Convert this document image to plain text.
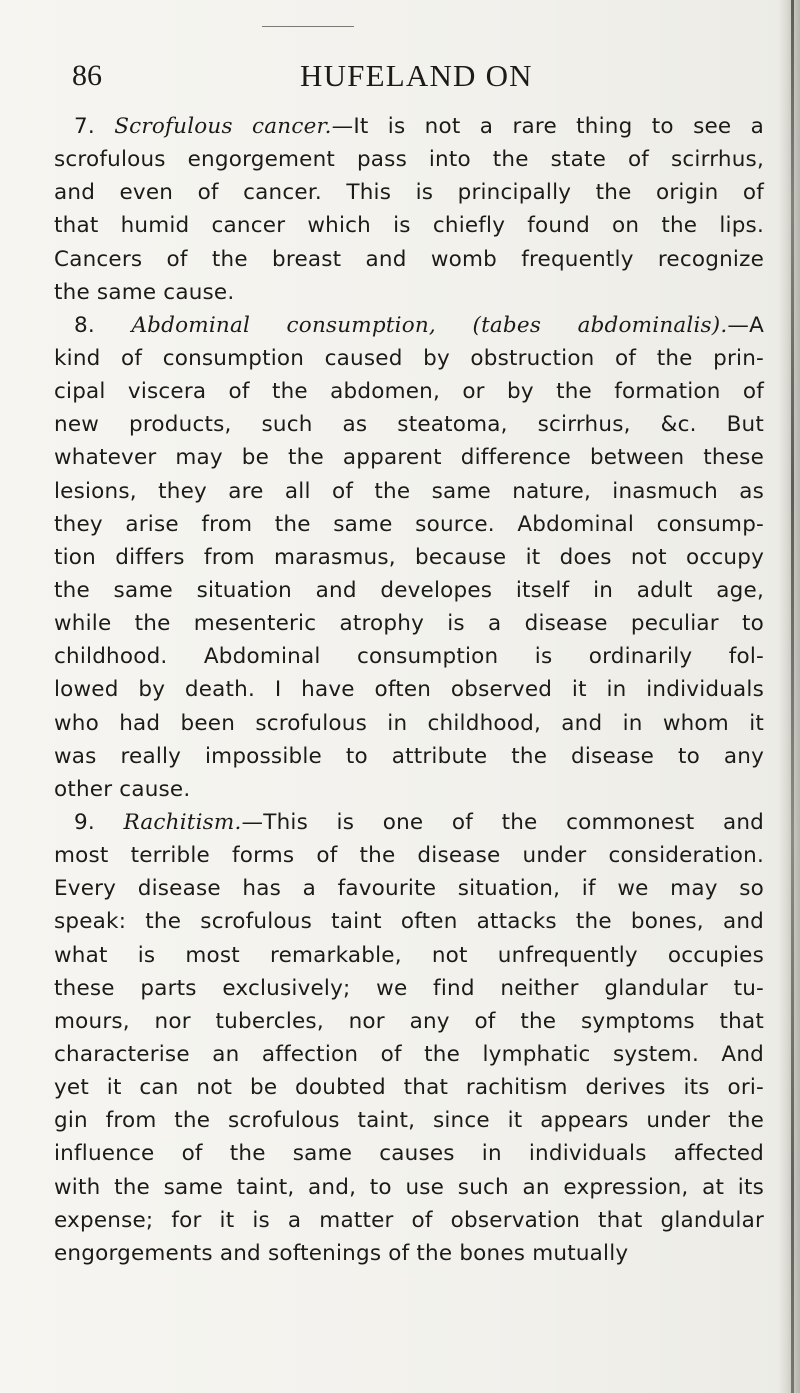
86	HUFELAND ON
7. Scrofulous cancer.—It is not a rare thing to see a
scrofulous engorgement pass into the state of scirrhus,
and even of cancer. This is principally the origin of
that humid cancer which is chiefly found on the lips.
Cancers of the breast and womb frequently recognize
the same cause.
8. Abdominal consumption, (tabes abdominalis).—A
kind of consumption caused by obstruction of the prin-
cipal viscera of the abdomen, or by the formation of
new products, such as steatoma, scirrhus, &c. But
whatever may be the apparent difference between these
lesions, they are all of the same nature, inasmuch as
they arise from the same source. Abdominal consump-
tion differs from marasmus, because it does not occupy
the same situation and developes itself in adult age,
while the mesenteric atrophy is a disease peculiar to
childhood. Abdominal consumption is ordinarily fol-
lowed by death. I have often observed it in individuals
who had been scrofulous in childhood, and in whom it
was really impossible to attribute the disease to any
other cause.
9. Rachitism.—This is one of the commonest and
most terrible forms of the disease under consideration.
Every disease has a favourite situation, if we may so
speak: the scrofulous taint often attacks the bones, and
what is most remarkable, not unfrequently occupies
these parts exclusively; we find neither glandular tu-
mours, nor tubercles, nor any of the symptoms that
characterise an affection of the lymphatic system. And
yet it can not be doubted that rachitism derives its ori-
gin from the scrofulous taint, since it appears under the
influence of the same causes in individuals affected
with the same taint, and, to use such an expression, at its
expense; for it is a matter of observation that glandular
engorgements and softenings of the bones mutually
